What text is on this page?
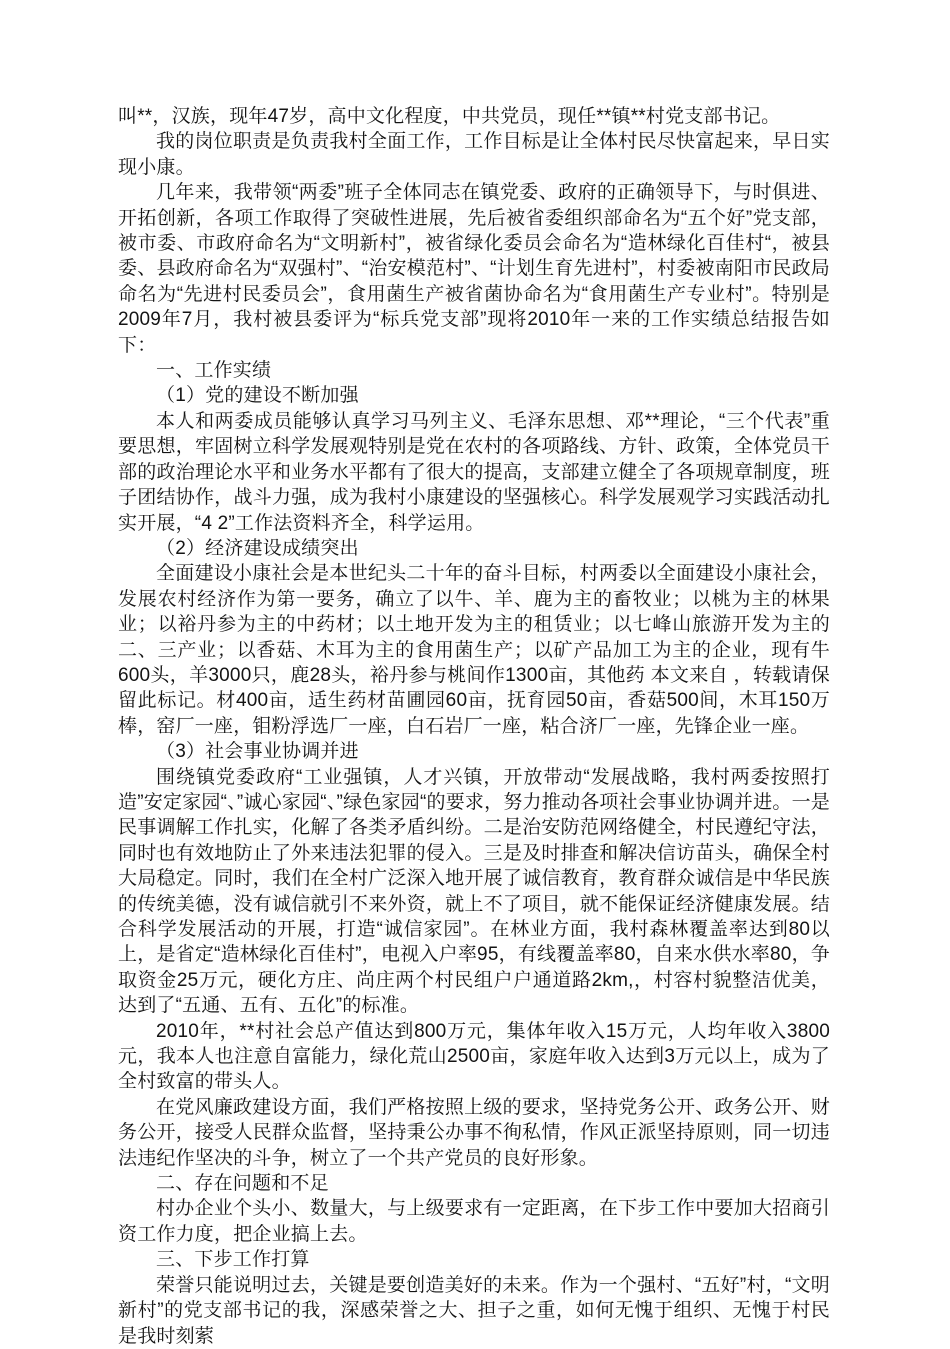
叫**，汉族，现年47岁，高中文化程度，中共党员，现任**镇**村党支部书记。

我的岗位职责是负责我村全面工作，工作目标是让全体村民尽快富起来，早日实现小康。

几年来，我带领“两委”班子全体同志在镇党委、政府的正确领导下，与时俱进、开拓创新，各项工作取得了突破性进展，先后被省委组织部命名为“五个好”党支部，被市委、市政府命名为“文明新村”，被省绿化委员会命名为“造林绿化百佳村“，被县委、县政府命名为“双强村”、“治安模范村”、“计划生育先进村”，村委被南阳市民政局命名为“先进村民委员会”，食用菌生产被省菌协命名为“食用菌生产专业村”。特别是2009年7月，我村被县委评为“标兵党支部”现将2010年一来的工作实绩总结报告如下：

一、工作实绩

（1）党的建设不断加强

本人和两委成员能够认真学习马列主义、毛泽东思想、邓**理论，“三个代表”重要思想，牢固树立科学发展观特别是党在农村的各项路线、方针、政策，全体党员干部的政治理论水平和业务水平都有了很大的提高，支部建立健全了各项规章制度，班子团结协作，战斗力强，成为我村小康建设的坚强核心。科学发展观学习实践活动扎实开展，“4 2”工作法资料齐全，科学运用。

（2）经济建设成绩突出

全面建设小康社会是本世纪头二十年的奋斗目标，村两委以全面建设小康社会，发展农村经济作为第一要务，确立了以牛、羊、鹿为主的畜牧业；以桃为主的林果业；以裕丹参为主的中药材；以土地开发为主的租赁业；以七峰山旅游开发为主的二、三产业；以香菇、木耳为主的食用菌生产；以矿产品加工为主的企业，现有牛600头，羊3000只，鹿28头，裕丹参与桃间作1300亩，其他药 本文来自 ，转载请保留此标记。材400亩，适生药材苗圃园60亩，抚育园50亩，香菇500间，木耳150万棒，窑厂一座，钼粉浮选厂一座，白石岩厂一座，粘合济厂一座，先锋企业一座。

（3）社会事业协调并进

围绕镇党委政府“工业强镇，人才兴镇，开放带动“发展战略，我村两委按照打造”安定家园“、”诚心家园“、”绿色家园“的要求，努力推动各项社会事业协调并进。一是民事调解工作扎实，化解了各类矛盾纠纷。二是治安防范网络健全，村民遵纪守法，同时也有效地防止了外来违法犯罪的侵入。三是及时排查和解决信访苗头，确保全村大局稳定。同时，我们在全村广泛深入地开展了诚信教育，教育群众诚信是中华民族的传统美德，没有诚信就引不来外资，就上不了项目，就不能保证经济健康发展。结合科学发展活动的开展，打造“诚信家园”。在林业方面，我村森林覆盖率达到80以上，是省定“造林绿化百佳村”，电视入户率95，有线覆盖率80，自来水供水率80，争取资金25万元，硬化方庄、尚庄两个村民组户户通道路2km,，村容村貌整洁优美，达到了“五通、五有、五化”的标准。

2010年，**村社会总产值达到800万元，集体年收入15万元，人均年收入3800元，我本人也注意自富能力，绿化荒山2500亩，家庭年收入达到3万元以上，成为了全村致富的带头人。

在党风廉政建设方面，我们严格按照上级的要求，坚持党务公开、政务公开、财务公开，接受人民群众监督，坚持秉公办事不徇私情，作风正派坚持原则，同一切违法违纪作坚决的斗争，树立了一个共产党员的良好形象。

二、存在问题和不足

村办企业个头小、数量大，与上级要求有一定距离，在下步工作中要加大招商引资工作力度，把企业搞上去。

三、下步工作打算

荣誉只能说明过去，关键是要创造美好的未来。作为一个强村、“五好”村，“文明新村”的党支部书记的我，深感荣誉之大、担子之重，如何无愧于组织、无愧于村民是我时刻萦
